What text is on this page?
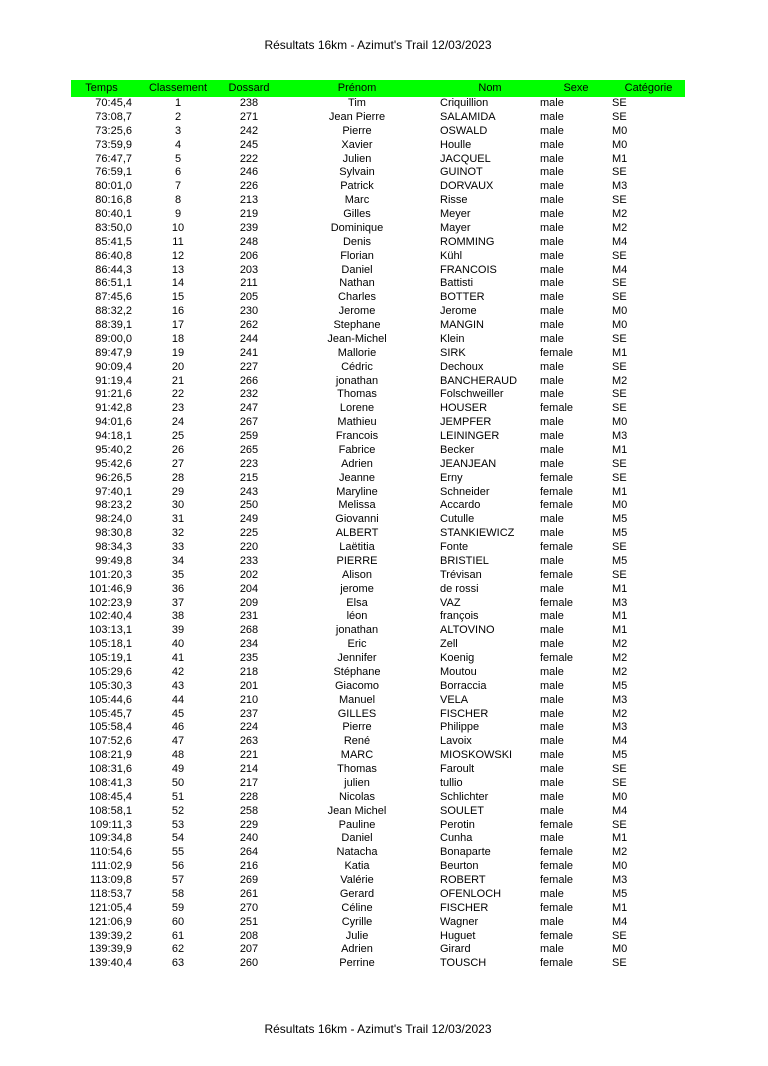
Résultats 16km - Azimut's Trail 12/03/2023
Temps	Classement	Dossard	Prénom	Nom	Sexe	Catégorie
70:45,4	1	238	Tim	Criquillion	male	SE
73:08,7	2	271	Jean Pierre	SALAMIDA	male	SE
73:25,6	3	242	Pierre	OSWALD	male	M0
73:59,9	4	245	Xavier	Houlle	male	M0
76:47,7	5	222	Julien	JACQUEL	male	M1
76:59,1	6	246	Sylvain	GUINOT	male	SE
80:01,0	7	226	Patrick	DORVAUX	male	M3
80:16,8	8	213	Marc	Risse	male	SE
80:40,1	9	219	Gilles	Meyer	male	M2
83:50,0	10	239	Dominique	Mayer	male	M2
85:41,5	11	248	Denis	ROMMING	male	M4
86:40,8	12	206	Florian	Kühl	male	SE
86:44,3	13	203	Daniel	FRANCOIS	male	M4
86:51,1	14	211	Nathan	Battisti	male	SE
87:45,6	15	205	Charles	BOTTER	male	SE
88:32,2	16	230	Jerome	Jerome	male	M0
88:39,1	17	262	Stephane	MANGIN	male	M0
89:00,0	18	244	Jean-Michel	Klein	male	SE
89:47,9	19	241	Mallorie	SIRK	female	M1
90:09,4	20	227	Cédric	Dechoux	male	SE
91:19,4	21	266	jonathan	BANCHERAUD	male	M2
91:21,6	22	232	Thomas	Folschweiller	male	SE
91:42,8	23	247	Lorene	HOUSER	female	SE
94:01,6	24	267	Mathieu	JEMPFER	male	M0
94:18,1	25	259	Francois	LEININGER	male	M3
95:40,2	26	265	Fabrice	Becker	male	M1
95:42,6	27	223	Adrien	JEANJEAN	male	SE
96:26,5	28	215	Jeanne	Erny	female	SE
97:40,1	29	243	Maryline	Schneider	female	M1
98:23,2	30	250	Melissa	Accardo	female	M0
98:24,0	31	249	Giovanni	Cutulle	male	M5
98:30,8	32	225	ALBERT	STANKIEWICZ	male	M5
98:34,3	33	220	Laëtitia	Fonte	female	SE
99:49,8	34	233	PIERRE	BRISTIEL	male	M5
101:20,3	35	202	Alison	Trévisan	female	SE
101:46,9	36	204	jerome	de rossi	male	M1
102:23,9	37	209	Elsa	VAZ	female	M3
102:40,4	38	231	léon	françois	male	M1
103:13,1	39	268	jonathan	ALTOVINO	male	M1
105:18,1	40	234	Eric	Zell	male	M2
105:19,1	41	235	Jennifer	Koenig	female	M2
105:29,6	42	218	Stéphane	Moutou	male	M2
105:30,3	43	201	Giacomo	Borraccia	male	M5
105:44,6	44	210	Manuel	VELA	male	M3
105:45,7	45	237	GILLES	FISCHER	male	M2
105:58,4	46	224	Pierre	Philippe	male	M3
107:52,6	47	263	René	Lavoix	male	M4
108:21,9	48	221	MARC	MIOSKOWSKI	male	M5
108:31,6	49	214	Thomas	Faroult	male	SE
108:41,3	50	217	julien	tullio	male	SE
108:45,4	51	228	Nicolas	Schlichter	male	M0
108:58,1	52	258	Jean Michel	SOULET	male	M4
109:11,3	53	229	Pauline	Perotin	female	SE
109:34,8	54	240	Daniel	Cunha	male	M1
110:54,6	55	264	Natacha	Bonaparte	female	M2
111:02,9	56	216	Katia	Beurton	female	M0
113:09,8	57	269	Valérie	ROBERT	female	M3
118:53,7	58	261	Gerard	OFENLOCH	male	M5
121:05,4	59	270	Céline	FISCHER	female	M1
121:06,9	60	251	Cyrille	Wagner	male	M4
139:39,2	61	208	Julie	Huguet	female	SE
139:39,9	62	207	Adrien	Girard	male	M0
139:40,4	63	260	Perrine	TOUSCH	female	SE
Résultats 16km - Azimut's Trail 12/03/2023
